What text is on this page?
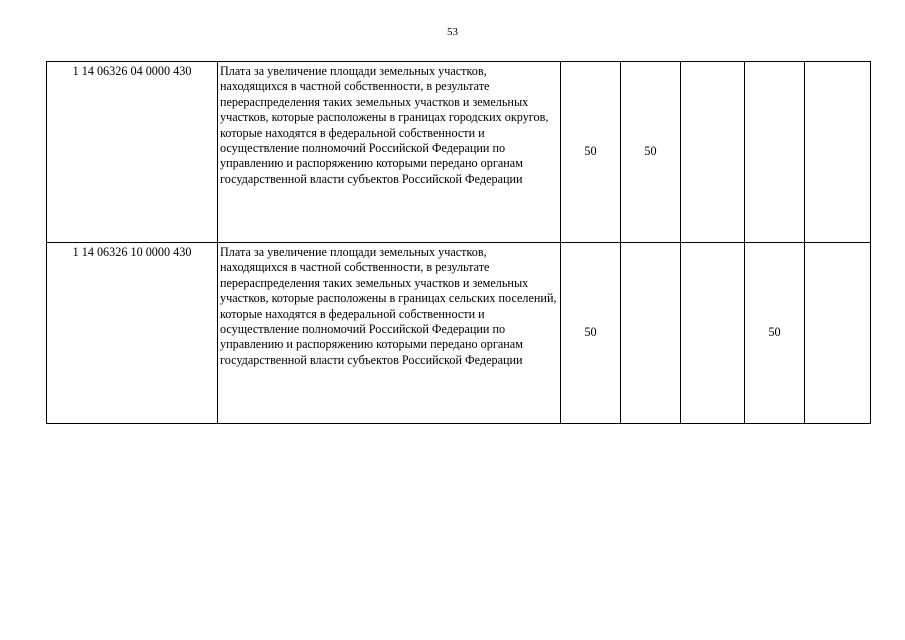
53
1 14 06326 04 0000 430	Плата за увеличение площади земельных участков, находящихся в частной собственности, в результате перераспределения таких земельных участков и земельных участков, которые расположены в границах городских округов, которые находятся в федеральной собственности и осуществление полномочий Российской Федерации по управлению и распоряжению которыми передано органам государственной власти субъектов Российской Федерации	50	50			
1 14 06326 10 0000 430	Плата за увеличение площади земельных участков, находящихся в частной собственности, в результате перераспределения таких земельных участков и земельных участков, которые расположены в границах сельских поселений, которые находятся в федеральной собственности и осуществление полномочий Российской Федерации по управлению и распоряжению которыми передано органам государственной власти субъектов Российской Федерации	50			50	
